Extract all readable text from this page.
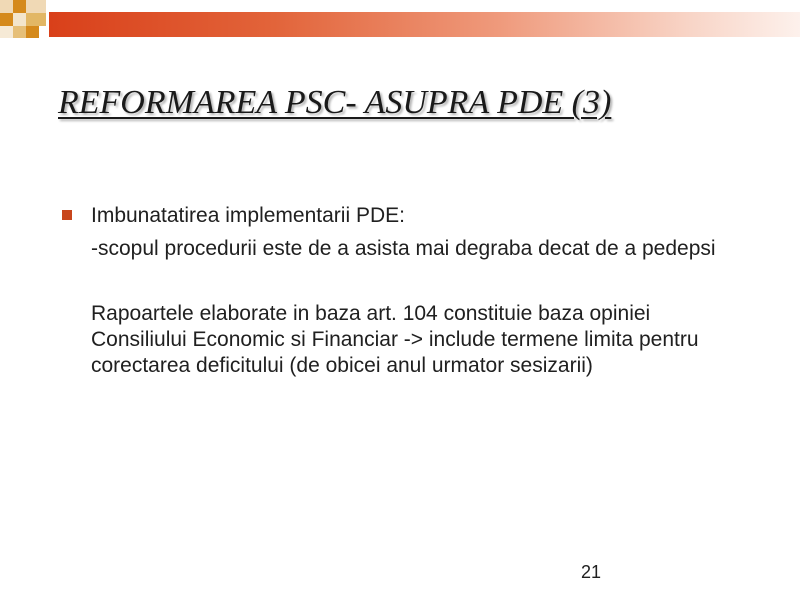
REFORMAREA PSC- ASUPRA PDE (3)
Imbunatatirea implementarii PDE:

-scopul procedurii este de a asista mai degraba decat de a pedepsi

Rapoartele elaborate in baza art. 104 constituie baza opiniei Consiliului Economic si Financiar -> include termene limita pentru corectarea deficitului (de obicei anul urmator sesizarii)

21
